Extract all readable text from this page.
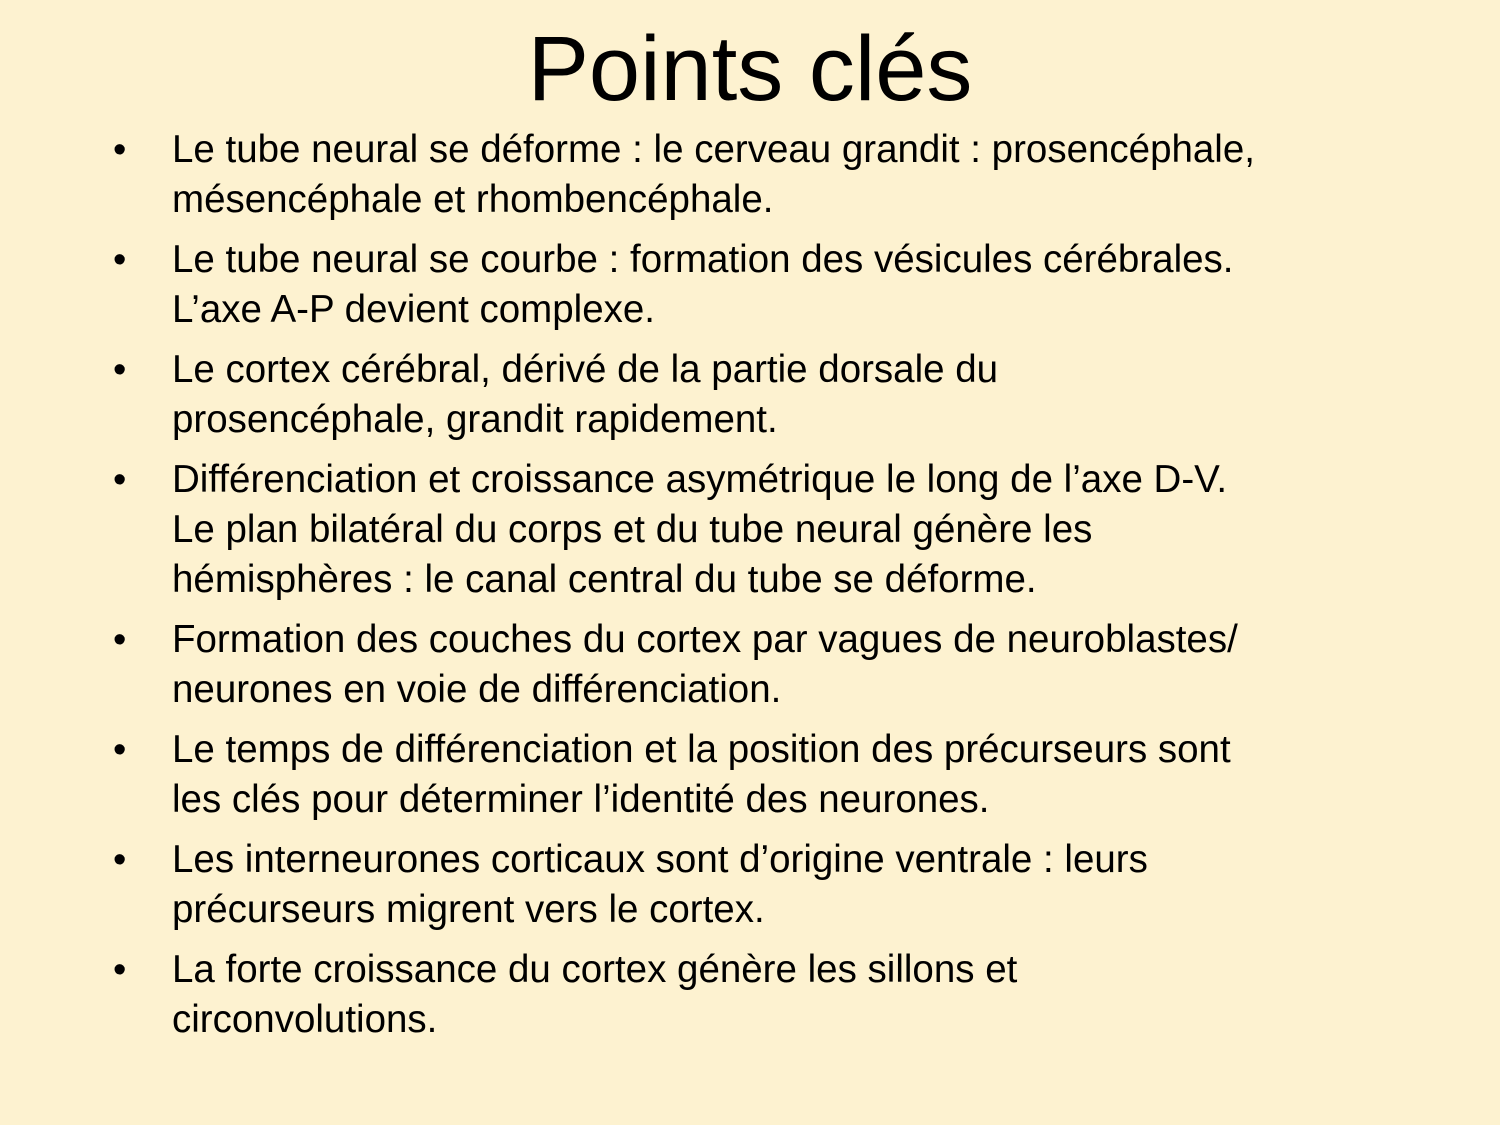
Points clés
• Le tube neural se déforme : le cerveau grandit : prosencéphale,
mésencéphale et rhombencéphale.
• Le tube neural se courbe : formation des vésicules cérébrales.
L’axe A-P devient complexe.
• Le cortex cérébral, dérivé de la partie dorsale du
prosencéphale, grandit rapidement.
• Différenciation et croissance asymétrique le long de l’axe D-V.
Le plan bilatéral du corps et du tube neural génère les
hémisphères : le canal central du tube se déforme.
• Formation des couches du cortex par vagues de neuroblastes/
neurones en voie de différenciation.
• Le temps de différenciation et la position des précurseurs sont
les clés pour déterminer l’identité des neurones.
• Les interneurones corticaux sont d’origine ventrale : leurs
précurseurs migrent vers le cortex.
• La forte croissance du cortex génère les sillons et
circonvolutions.
